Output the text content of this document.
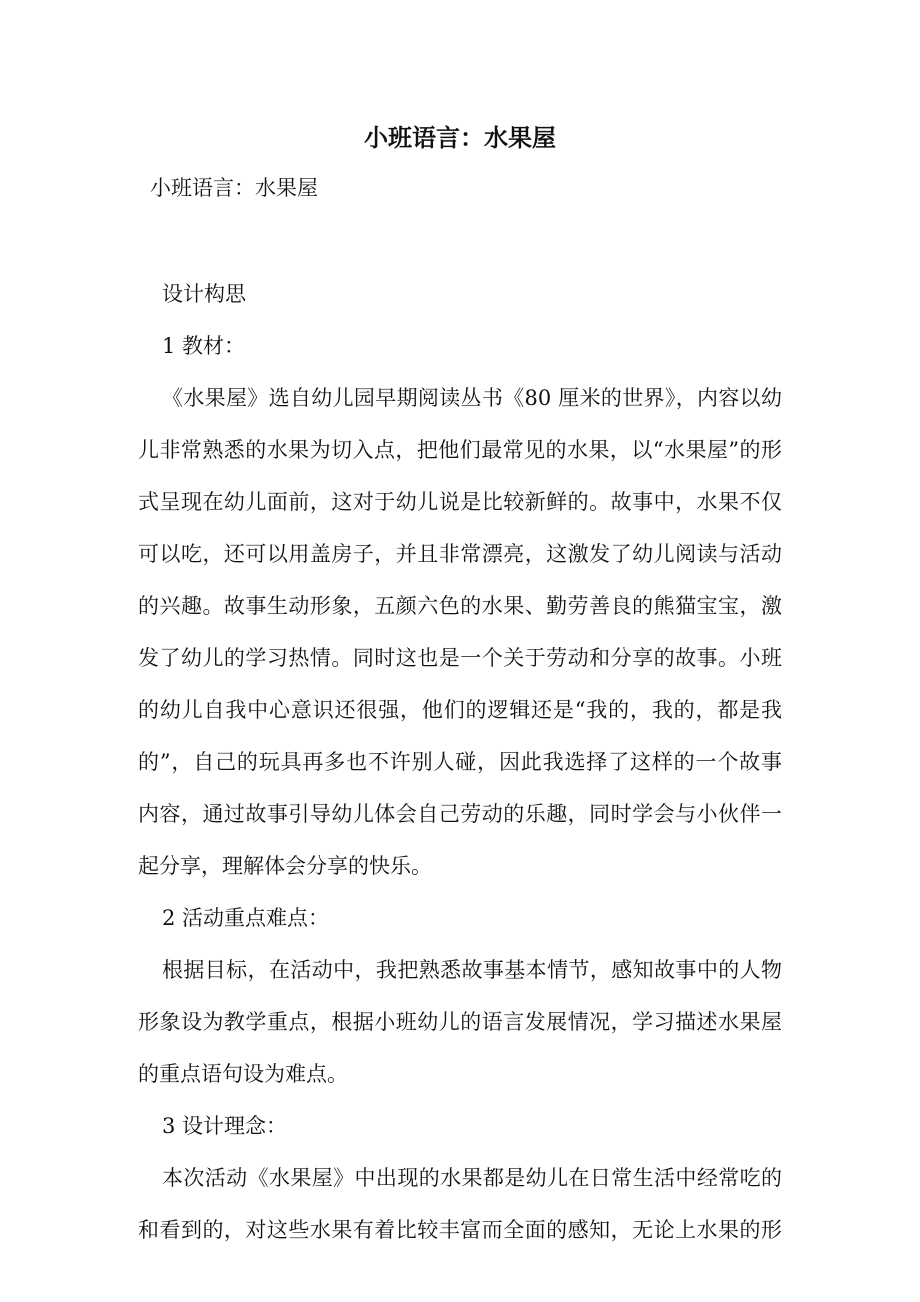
小班语言：水果屋
小班语言：水果屋
设计构思
1 教材：
《水果屋》选自幼儿园早期阅读丛书《80 厘米的世界》，内容以幼
儿非常熟悉的水果为切入点，把他们最常见的水果，以“水果屋”的形
式呈现在幼儿面前，这对于幼儿说是比较新鲜的。故事中，水果不仅
可以吃，还可以用盖房子，并且非常漂亮，这激发了幼儿阅读与活动
的兴趣。故事生动形象，五颜六色的水果、勤劳善良的熊猫宝宝，激
发了幼儿的学习热情。同时这也是一个关于劳动和分享的故事。小班
的幼儿自我中心意识还很强，他们的逻辑还是“我的，我的，都是我
的”，自己的玩具再多也不许别人碰，因此我选择了这样的一个故事
内容，通过故事引导幼儿体会自己劳动的乐趣，同时学会与小伙伴一
起分享，理解体会分享的快乐。
2 活动重点难点：
根据目标，在活动中，我把熟悉故事基本情节，感知故事中的人物
形象设为教学重点，根据小班幼儿的语言发展情况，学习描述水果屋
的重点语句设为难点。
3 设计理念：
本次活动《水果屋》中出现的水果都是幼儿在日常生活中经常吃的
和看到的，对这些水果有着比较丰富而全面的感知，无论上水果的形
